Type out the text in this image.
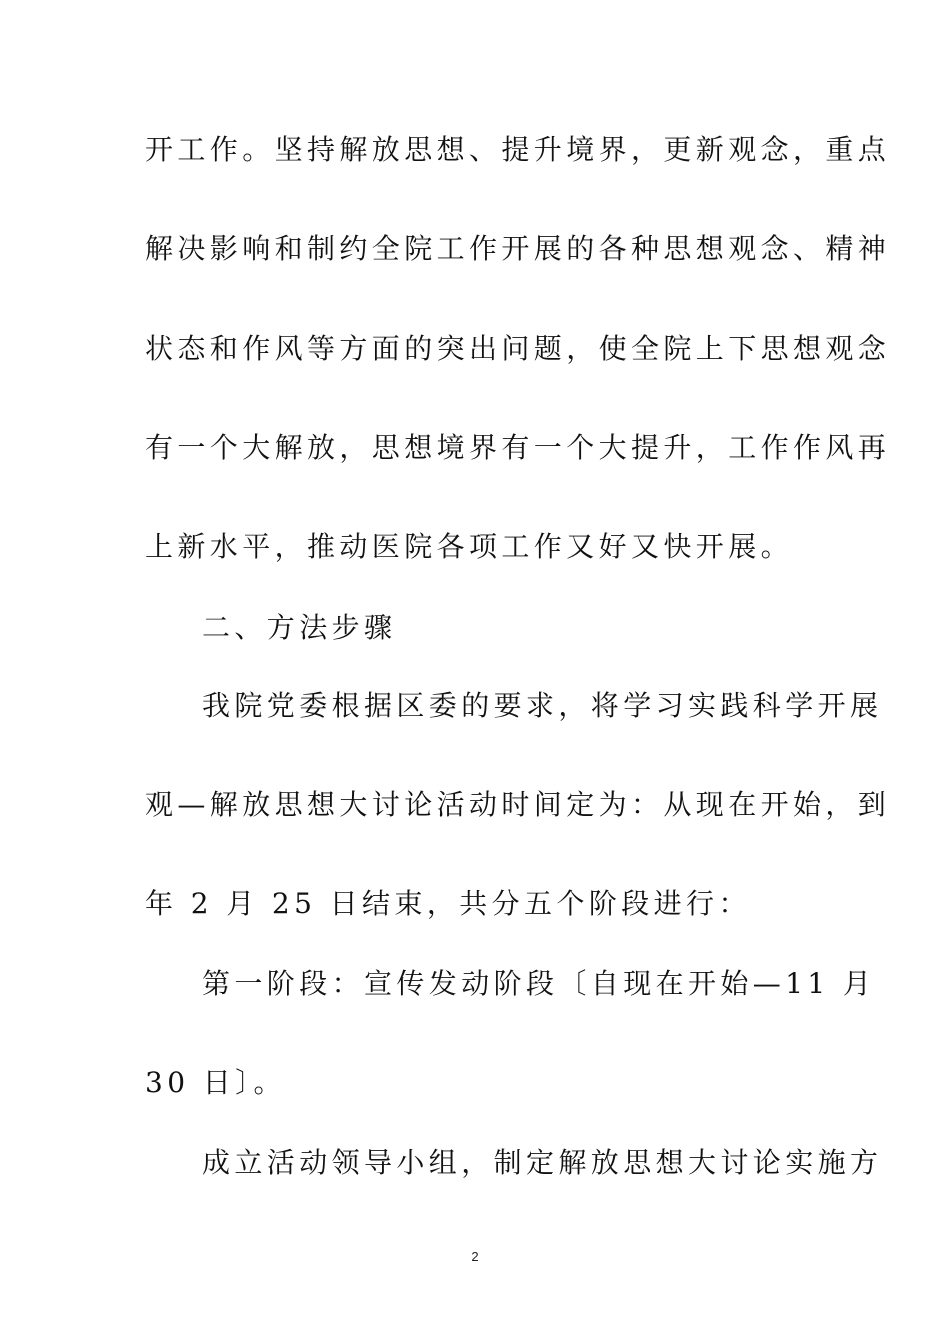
开工作。坚持解放思想、提升境界，更新观念，重点
解决影响和制约全院工作开展的各种思想观念、精神
状态和作风等方面的突出问题，使全院上下思想观念
有一个大解放，思想境界有一个大提升，工作作风再
上新水平，推动医院各项工作又好又快开展。
二、方法步骤
我院党委根据区委的要求，将学习实践科学开展
观—解放思想大讨论活动时间定为：从现在开始，到
年 2 月 25 日结束，共分五个阶段进行：
第一阶段：宣传发动阶段〔自现在开始—11 月
30 日〕。
成立活动领导小组，制定解放思想大讨论实施方
2
